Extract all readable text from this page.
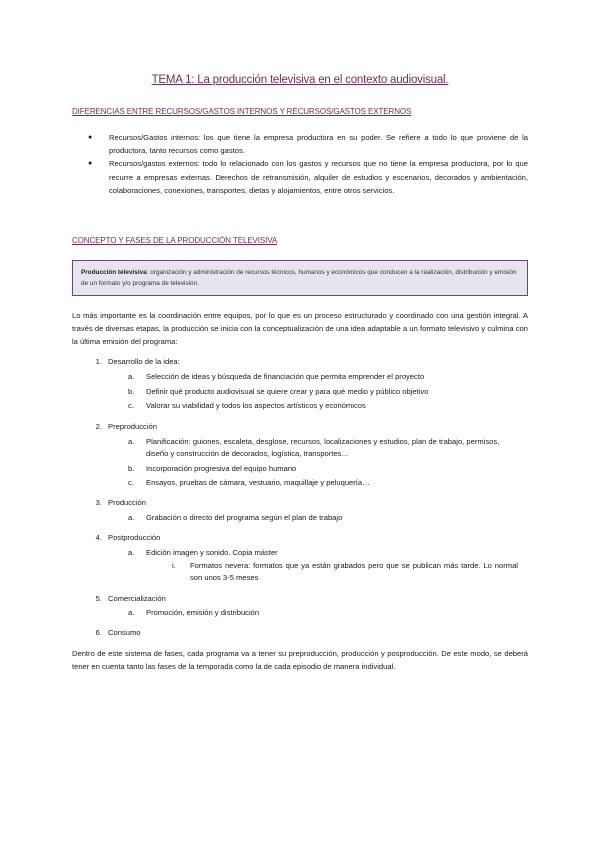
TEMA 1: La producción televisiva en el contexto audiovisual.
DIFERENCIAS ENTRE RECURSOS/GASTOS INTERNOS Y RECURSOS/GASTOS EXTERNOS
● Recursos/Gastos internos: los que tiene la empresa productora en su poder. Se refiere a todo lo que proviene de la productora, tanto recursos como gastos.
● Recursos/gastos externos: todo lo relacionado con los gastos y recursos que no tiene la empresa productora, por lo que recurre a empresas externas. Derechos de retransmisión, alquiler de estudios y escenarios, decorados y ambientación, colaboraciones, conexiones, transportes, dietas y alojamientos, entre otros servicios.
CONCEPTO Y FASES DE LA PRODUCCIÓN TELEVISIVA
Producción televisiva: organización y administración de recursos técnicos, humanos y económicos que conducen a la realización, distribución y emisión de un formato y/o programa de televisión.
Lo más importante es la coordinación entre equipos, por lo que es un proceso estructurado y coordinado con una gestión integral. A través de diversas etapas, la producción se inicia con la conceptualización de una idea adaptable a un formato televisivo y culmina con la última emisión del programa:
1. Desarrollo de la idea:
a. Selección de ideas y búsqueda de financiación que permita emprender el proyecto
b. Definir qué producto audiovisual se quiere crear y para qué medio y público objetivo
c. Valorar su viabilidad y todos los aspectos artísticos y económicos
2. Preproducción
a. Planificación: guiones, escaleta, desglose, recursos, localizaciones y estudios, plan de trabajo, permisos, diseño y construcción de decorados, logística, transportes…
b. Incorporación progresiva del equipo humano
c. Ensayos, pruebas de cámara, vestuario, maquillaje y peluquería…
3. Producción
a. Grabación o directo del programa según el plan de trabajo
4. Postproducción
a. Edición imagen y sonido. Copia máster
i. Formatos nevera: formatos que ya están grabados pero que se publican más tarde. Lo normal son unos 3-5 meses
5. Comercialización
a. Promoción, emisión y distribución
6. Consumo
Dentro de este sistema de fases, cada programa va a tener su preproducción, producción y posproducción. De este modo, se deberá tener en cuenta tanto las fases de la temporada como la de cada episodio de manera individual.
